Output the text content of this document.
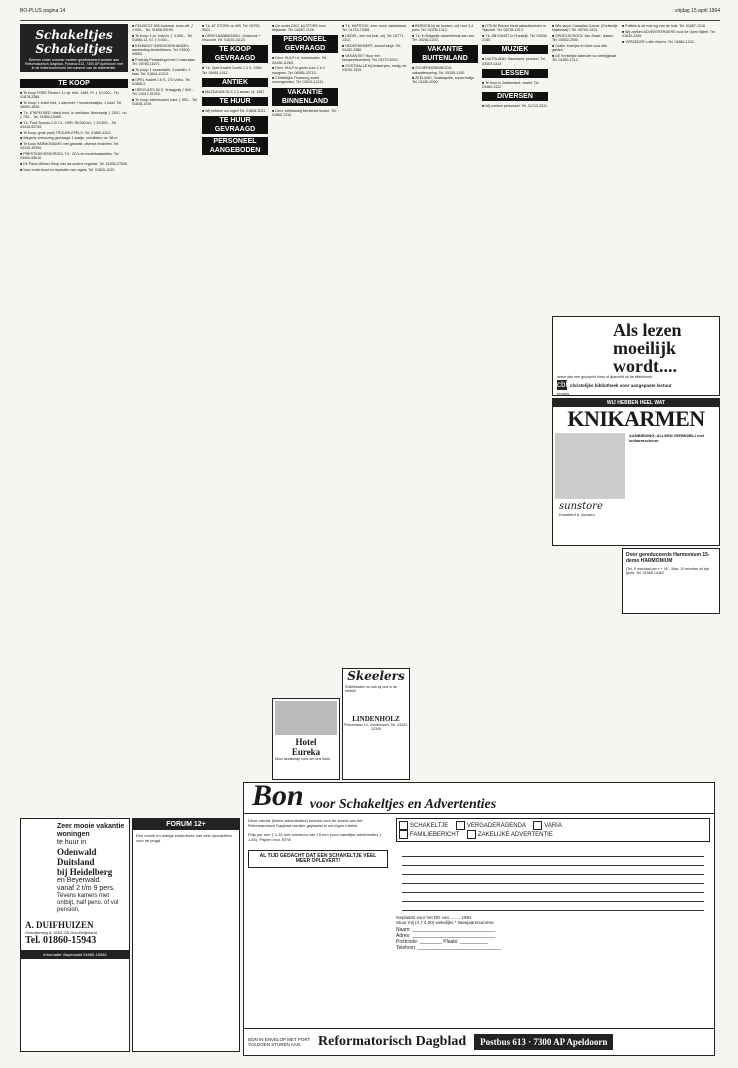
BO-PLUS pagina 14	vrijdag 15 april 1994
Schakeltjes Schakeltjes
Brieven onder nummer moeten geadresseerd worden aan Reformatorisch Dagblad, Postbus 613, 7300 AP Apeldoorn met in de linkerbovenhoek het nummer van de advertentie.
TE KOOP

■ Te koop FORD Fiesta 1.1L bjr. febr. 1989, Pr. ƒ 10.000,-. Tel. 01878-2286.

■ Te koop: 1 enkel bed, 1 aanrecht + keukenkastjes, 1 stoel. Tel. 06500-3605.

■ T.k. STAPELBED, blank hout, in deelbaar. Nieuwprijs ƒ 1300,- nu ƒ 700,-. Tel. 01850-15489.

■ T.k. Ford Scorpio 2.0i CL, 1990, 55.000 km, ƒ 23.500,-. Tel. 03418-53745.

■ Te koop: grote partij TROUWLEPELS. Tel. 01860-4301.

■ Wegens verhuizing gevraagd: 1 kastje, schuifdeur ca. 58 m.

■ Te koop HARMONIUMS met garantie, diverse modellen. Tel. 05130-30390.

■ PRESTIGEKERKORGEL T.K. CD's en muziekcassettes. Tel. 03400-65010.

■ De Pauw-Winkel Shop ziet uw oudere organist. Tel. 01830-27640.

■ Voor onderhoud en reparatie van orgels. Tel. 01820-1010.

■ PEUGEOT 505 Automat. ivoor-wit. ƒ 4.000,-. Tel. 01898-53190.

■ Te koop: 1 pr. Volvo's, ƒ 4.650,-. Tel. 01858-13. SI. ƒ 4.000,-.

■ KENNEDY HARDGOEDHANDEL: aanbieding kinderfietsen. Tel. 03400-45650.

■ Prachtig Pedaalorgel met 2 manualen. Tel. 05760-16271.

■ Te koop: 1 sesamtafel, 4 stoelen, 1 kast. Tel. 01844-11313.

■ OPEL Kadett 1.6 S, 170 Volvo. Tel. 01858-2.

■ HERCULES 50 S. Vraagprijs ƒ 600,-. Tel. 03417-51003.

■ Te koop: eikenhouten kast, ƒ 850,-. Tel. 01828-1019.

■ T.k. AT STORK vo 400, Tel. 05753-3523.

■ ORGELAANBIEDING: Johannus + Viscount. Tel. 01620-11123.

TE KOOP GEVRAAGD

■ T.k. Opel Kadett Combi 1.3 S, 1989. Tel. 05481-1012.

ANTIEK

■ MAZDA 626 GLX 2.0 sedan, bj. 1987.

TE HUUR

■ Wij hebben uw orgel! Tel. 01806-3021.

TE HUUR GEVRAAGD
PERSONEEL AANGEBODEN

■ Ge ouder DKO, bij STORK voor bejaarde. Tel. 01640-7106.

PERSONEEL GEVRAAGD

■ Gevr. HULP i.d. huishouden. Tel. 03436-11263.

■ Gevr. HULP in gezin voor 2 à 3 morgens. Tel. 08385-20710.

■ Christelijke Thuiszorg zoekt verzorgenden. Tel. 03402-12111.

VAKANTIE BINNENLAND

■ Gevr. zelfstandig werkende kracht. Tel. 01860-7210.

■ T.k. KAPSTOK, zeer mooi, vaststaand. Tel. 01710-73381.

■ UDDEL, een wit huis, vrij. Tel. 05771-1312.

■ NEDERHEMERT, zomerhuisje. Tel. 04182-2380.

■ VAKANTIE? Huur een kampeerboerderij. Tel. 05770-5310.

■ OOSTMALLE bij Antwerpen, rustig, tel. 03230-1515.

■ BERGEN bij de bossen, vrij voor 2-4 pers. Tel. 02208-1313.

■ T.k. in Bulgarije vakantiehuis aan zee. Tel. 05240-1234.

VAKANTIE BUITENLAND

■ SCHIERMONNIKOOG, vakantiewoning. Tel. 05195-1100.

■ ZEELAND, Oostkapelle, zomerhuisje. Tel. 01180-2000.

■ OTIUM Reizen biedt vakantiereizen in Tsjechië. Tel. 05735-1313.

■ T.k. AB KUNST in Frankrijk. Tel. 03438-2150.

MUZIEK

■ DUITSLAND: Sauerland, pension. Tel. 03402-1313.

LESSEN

■ Te huur in Zwitserland, chalet. Tel. 03480-1312.

DIVERSEN

■ Wij zoeken personeel. Tel. 01712-1511.

■ Wie stuurt Canadian Corner (Christelijk Nationaal)? Tel. 05700-1313.

■ ORGELSCHOOL 'Jan Zwart', lessen. Tel. 03402-2500.

■ Gratis: Koekjes en thee voor alle gasten.

■ DE Kerkelijke kalender nu verkrijgbaar. Tel. 01850-1212.

■ Politiek is de mal ing van de huis. Tel. 01857-1216.

■ Wij zoeken ADVERTEERDERS voor de Open Bijbel. Tel. 01640-2345.

■ VERZEKER u alle risico's. Tel. 01860-1232.

Als lezen
moeilijk
wordt....
neem dan een grootprint boek of lijdschrift uit de bibliotheek
cbb christelijke bibliotheek voor aangepaste lectuur
ermelo
WIJ HEBBEN HEEL WAT
KNIKARMEN
AANBIEDING: ALLEEN VERMOBILI met knikarmscherm
sunstore
Kunststof & Vouwen
Door gereduceerde Harmonium 15-demo HARMONIUM
(Tel. 5 manuaal per c + 16' - Max. 10 minuten uit zijn grote, Tel. 01568-14462
Zeer mooie vakantie woningen
te huur in
Odenwald Duitsland
bij Heidelberg
en Beyerwald.
vanaf 2 t/m 9 pers.
Tevens kamers met ontbijt, half pens. of vol pension.
A. DUIFHUIZEN
Grienderweg 8, 3263 CB Oud-Beijerland
Tel. 01860-15943
Informatie: Bayerwald 01860-16082
FORUM 12+
Een mooie en nuttige kinderboek met vele opdrachten voor de jeugd.
Hotel
Eureka
Mooi landschap rond om ons hotel.
Skeelers
Rollerblades nu ook bij ons in de winkel!
LINDENHOLZ
Prinsenlaan 14, Voorthuizen, Tel. 03420-12345
Bon voor Schakeltjes en Advertenties
Deze rubriek (kleine advertenties) kunnen voor de lezers van het Reformatorisch Dagblad worden geplaatst in uw eigen rubriek.
Prijs per mm ƒ 1,32 met minimum van 15 mm (voor zakelijke advertenties ƒ 1,84). Prijzen excl. BTW.
AL TIJD GEDACHT DAT EEN SCHAKELTJE VEEL MEER OPLEVERT!
SCHAKELTJE	VERGADERAGENDA	VARIA
FAMILIEBERICHT	ZAKELIJKE ADVERTENTIE
Geplaatst voor het RD van ........ 1994
Stuur mij (4 ƒ 4,00) wekelijks * tweejaarsnummer.
Naam: ______________________________
Adres: ______________________________
Postcode: ________ Plaats: __________
Telefoon: ______________________________
BON IN ENVELOP MET PORT VOLDOEN STUREN AAN:	Reformatorisch Dagblad	Postbus 613 · 7300 AP Apeldoorn
